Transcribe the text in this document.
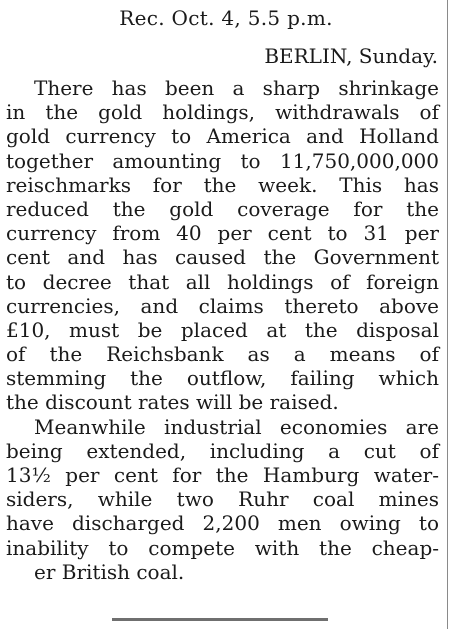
Rec. Oct. 4, 5.5 p.m.

BERLIN, Sunday.

There has been a sharp shrinkage
in the gold holdings, withdrawals of
gold currency to America and Holland
together amounting to 11,750,000,000
reischmarks for the week. This has
reduced the gold coverage for the
currency from 40 per cent to 31 per
cent and has caused the Government
to decree that all holdings of foreign
currencies, and claims thereto above
£10, must be placed at the disposal
of the Reichsbank as a means of
stemming the outflow, failing which
the discount rates will be raised.
Meanwhile industrial economies are
being extended, including a cut of
13½ per cent for the Hamburg water-
siders, while two Ruhr coal mines
have discharged 2,200 men owing to
inability to compete with the cheap-
er British coal.
